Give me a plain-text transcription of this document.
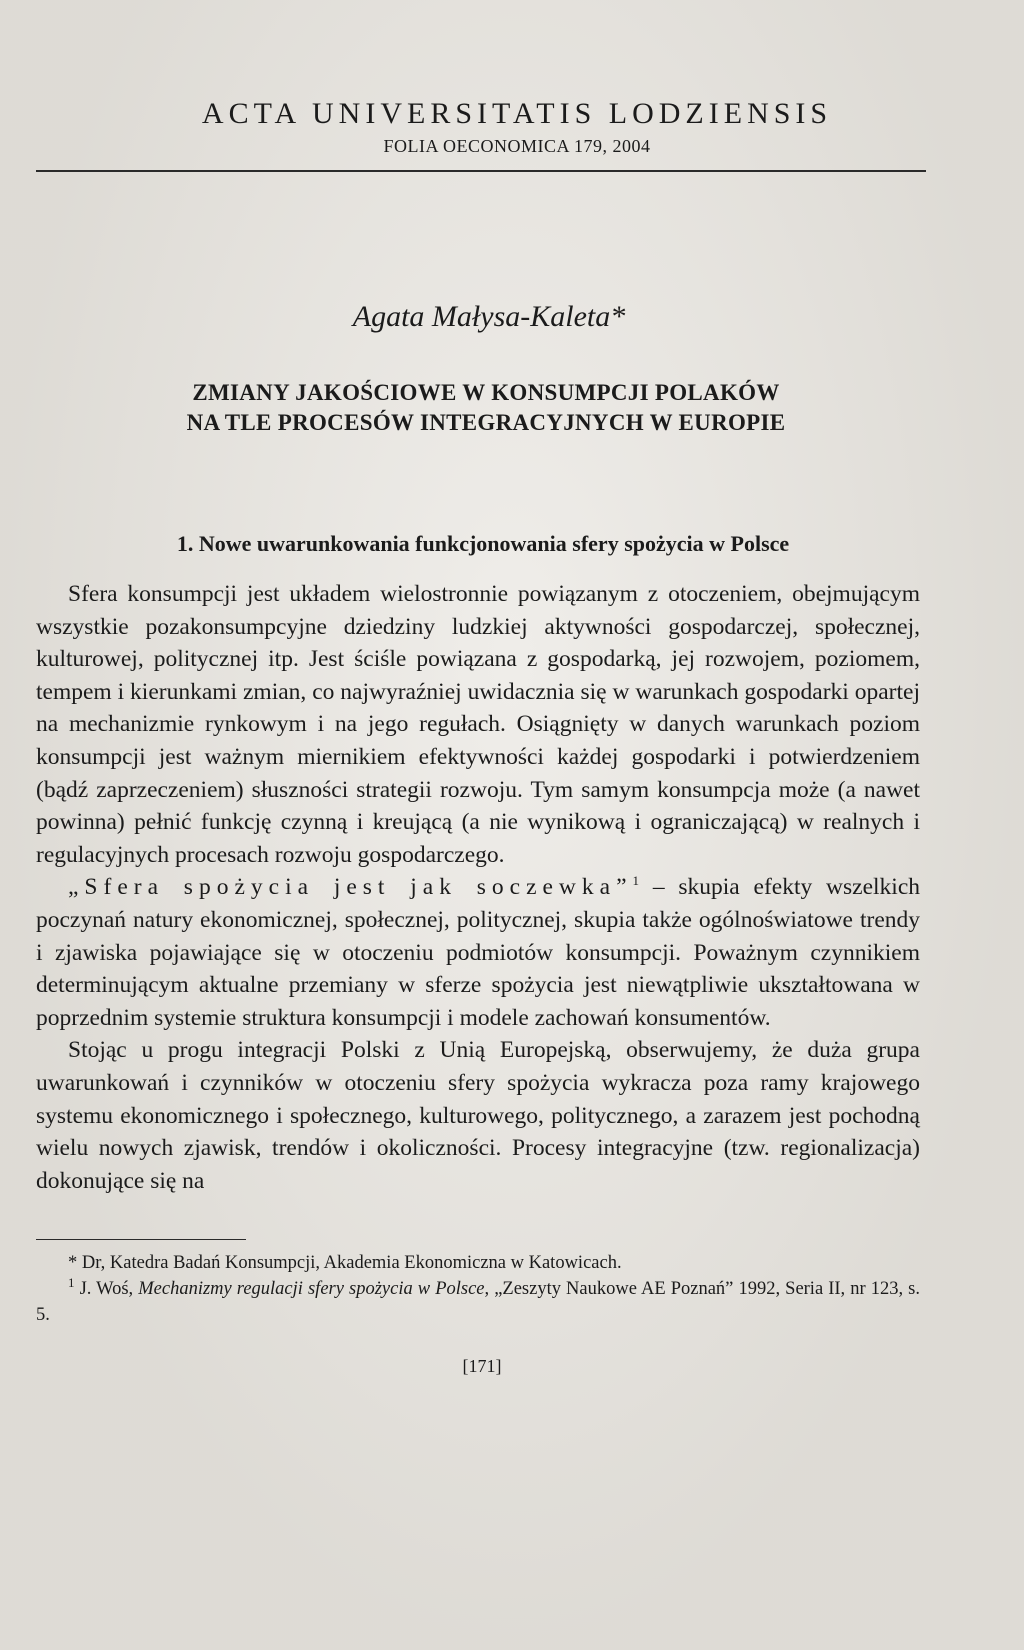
ACTA UNIVERSITATIS LODZIENSIS
FOLIA OECONOMICA 179, 2004
Agata Małysa-Kaleta*
ZMIANY JAKOŚCIOWE W KONSUMPCJI POLAKÓW
NA TLE PROCESÓW INTEGRACYJNYCH W EUROPIE
1. Nowe uwarunkowania funkcjonowania sfery spożycia w Polsce

Sfera konsumpcji jest układem wielostronnie powiązanym z otoczeniem, obejmującym wszystkie pozakonsumpcyjne dziedziny ludzkiej aktywności gospodarczej, społecznej, kulturowej, politycznej itp. Jest ściśle powiązana z gospodarką, jej rozwojem, poziomem, tempem i kierunkami zmian, co najwyraźniej uwidacznia się w warunkach gospodarki opartej na mechanizmie rynkowym i na jego regułach. Osiągnięty w danych warunkach poziom konsumpcji jest ważnym miernikiem efektywności każdej gospodarki i potwierdzeniem (bądź zaprzeczeniem) słuszności strategii rozwoju. Tym samym konsumpcja może (a nawet powinna) pełnić funkcję czynną i kreującą (a nie wynikową i ograniczającą) w realnych i regulacyjnych procesach rozwoju gospodarczego.

„Sfera spożycia jest jak soczewka”$^1$ – skupia efekty wszelkich poczynań natury ekonomicznej, społecznej, politycznej, skupia także ogólnoświatowe trendy i zjawiska pojawiające się w otoczeniu podmiotów konsumpcji. Poważnym czynnikiem determinującym aktualne przemiany w sferze spożycia jest niewątpliwie ukształtowana w poprzednim systemie struktura konsumpcji i modele zachowań konsumentów.

Stojąc u progu integracji Polski z Unią Europejską, obserwujemy, że duża grupa uwarunkowań i czynników w otoczeniu sfery spożycia wykracza poza ramy krajowego systemu ekonomicznego i społecznego, kulturowego, politycznego, a zarazem jest pochodną wielu nowych zjawisk, trendów i okoliczności. Procesy integracyjne (tzw. regionalizacja) dokonujące się na

* Dr, Katedra Badań Konsumpcji, Akademia Ekonomiczna w Katowicach.

$^1$ J. Woś, Mechanizmy regulacji sfery spożycia w Polsce, „Zeszyty Naukowe AE Poznań” 1992, Seria II, nr 123, s. 5.

[171]
